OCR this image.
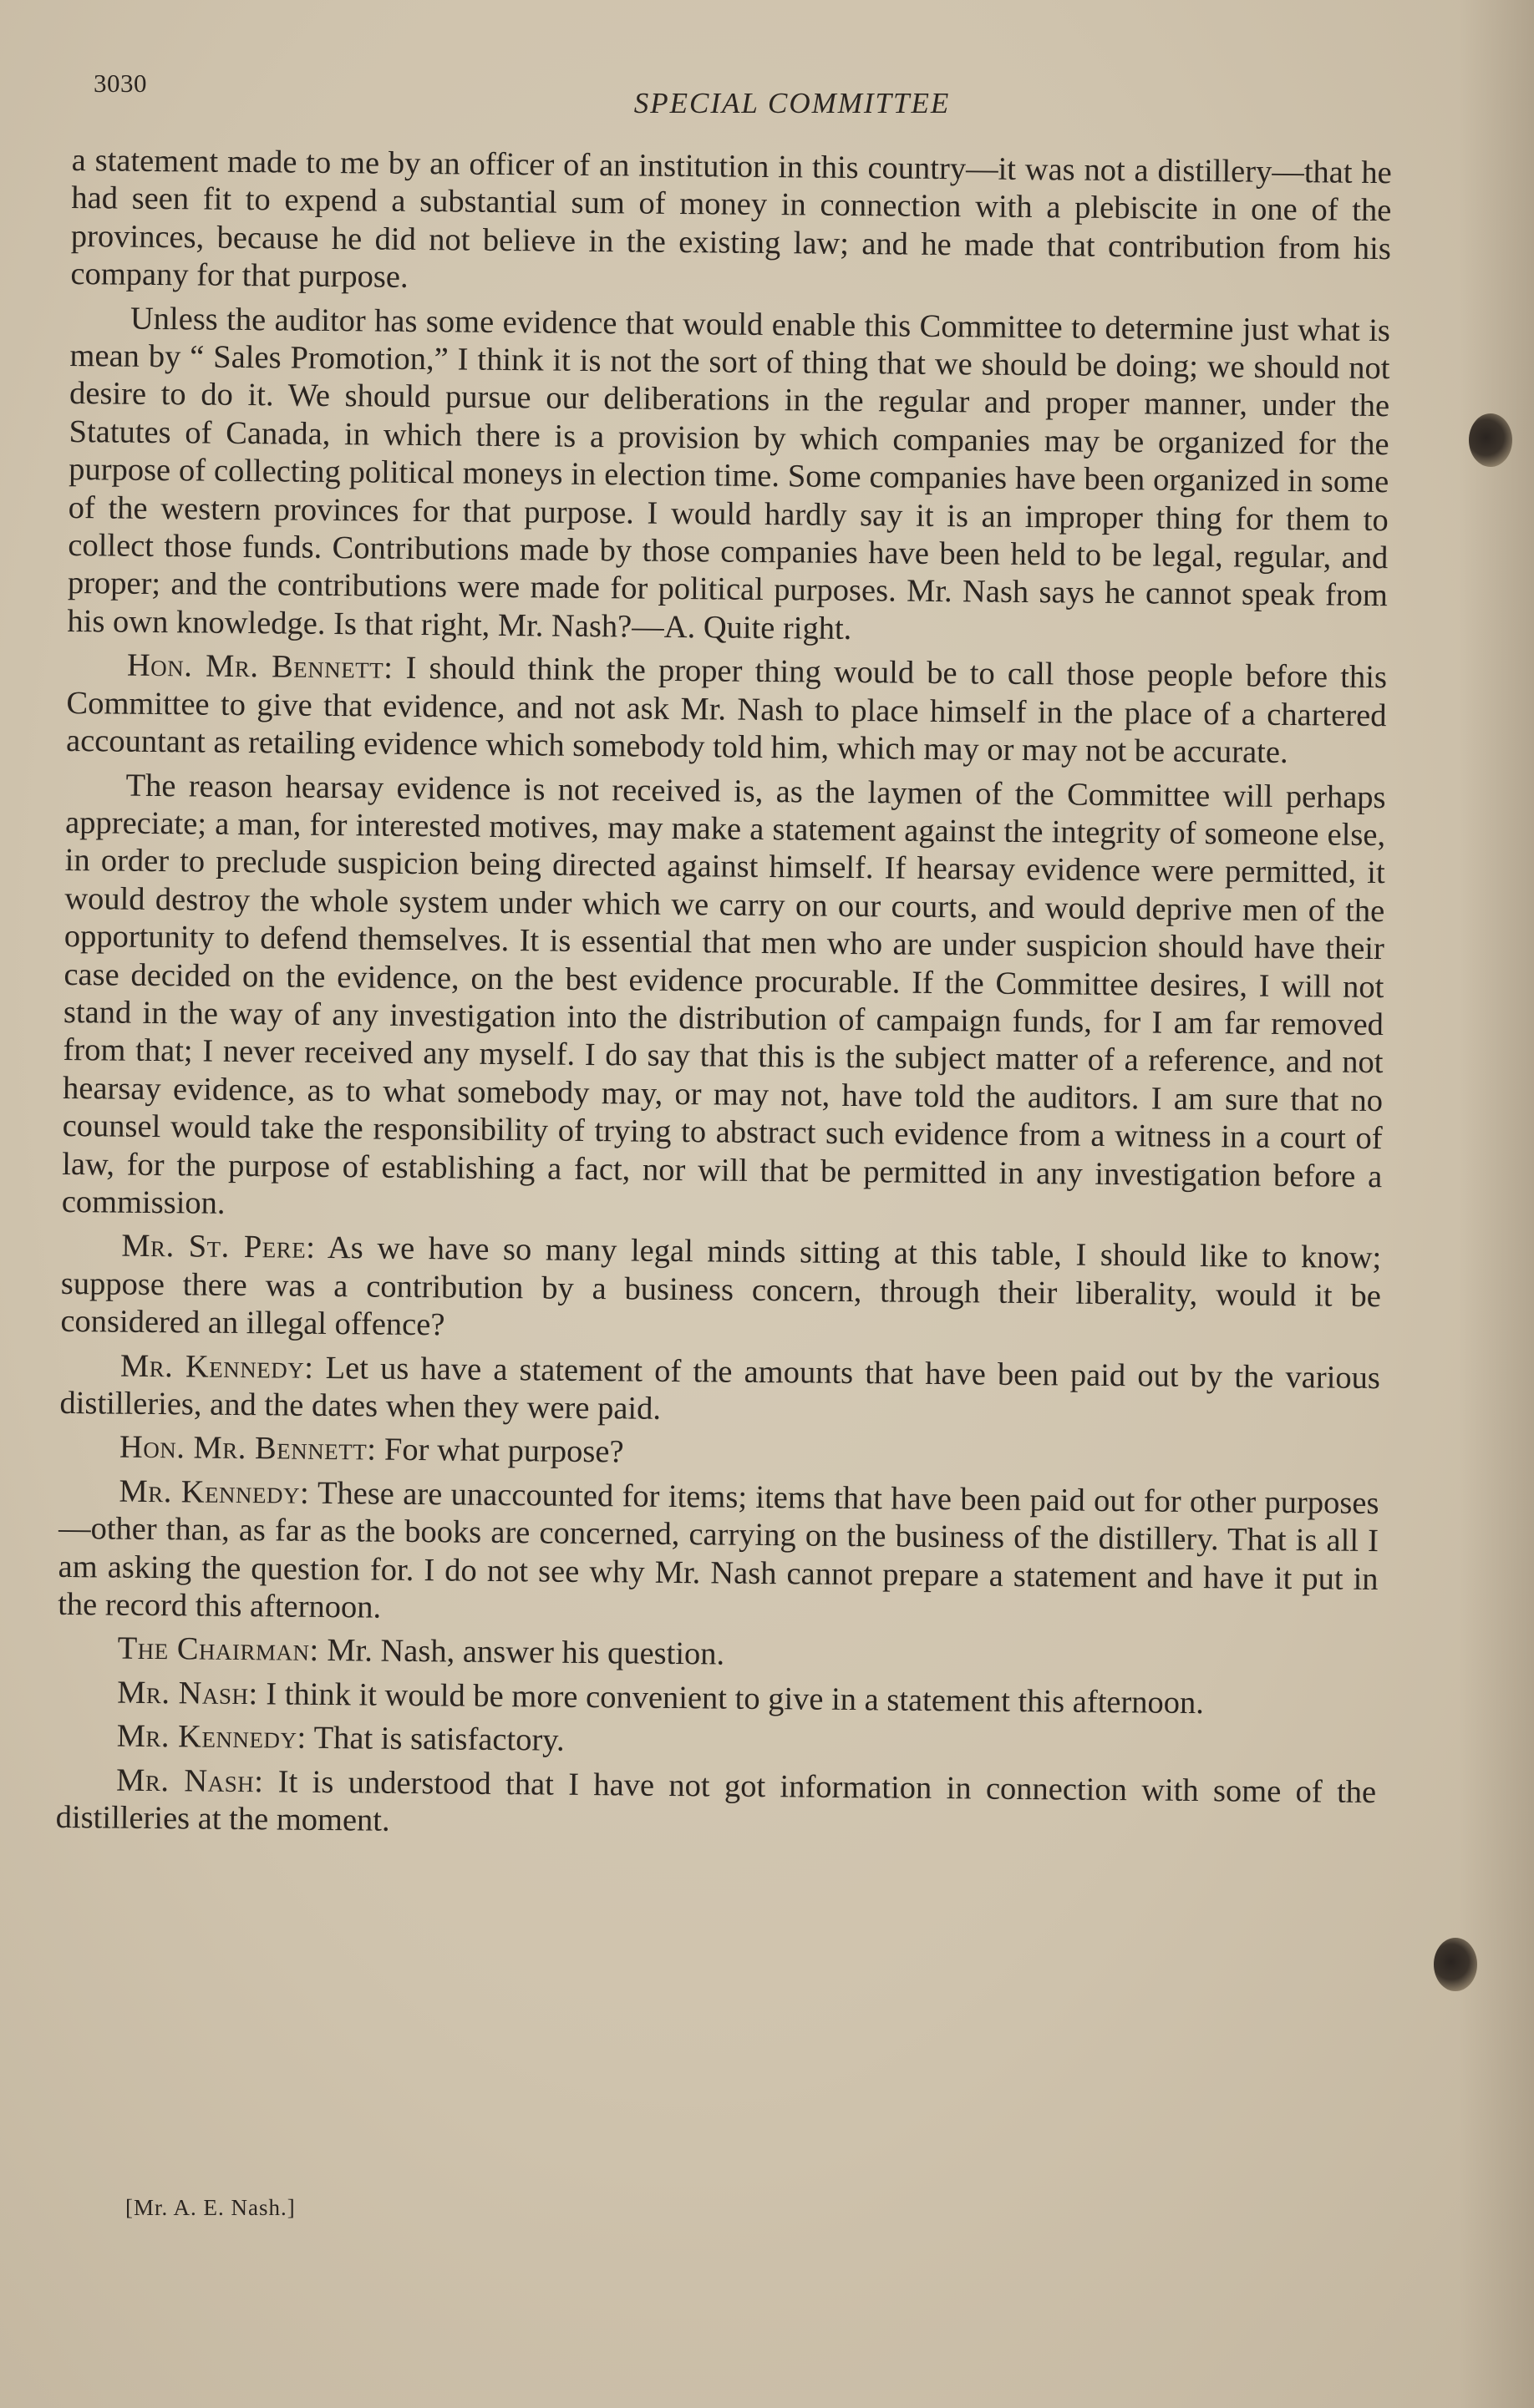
3030
SPECIAL COMMITTEE

a statement made to me by an officer of an institution in this country—it was not a distillery—that he had seen fit to expend a substantial sum of money in connection with a plebiscite in one of the provinces, because he did not believe in the existing law; and he made that contribution from his company for that purpose.

Unless the auditor has some evidence that would enable this Committee to determine just what is mean by “ Sales Promotion,” I think it is not the sort of thing that we should be doing; we should not desire to do it. We should pursue our deliberations in the regular and proper manner, under the Statutes of Canada, in which there is a provision by which companies may be organized for the purpose of collecting political moneys in election time. Some companies have been organized in some of the western provinces for that purpose. I would hardly say it is an improper thing for them to collect those funds. Contributions made by those companies have been held to be legal, regular, and proper; and the contributions were made for political purposes. Mr. Nash says he cannot speak from his own knowledge. Is that right, Mr. Nash?—A. Quite right.

Hon. Mr. Bennett: I should think the proper thing would be to call those people before this Committee to give that evidence, and not ask Mr. Nash to place himself in the place of a chartered accountant as retailing evidence which somebody told him, which may or may not be accurate.

The reason hearsay evidence is not received is, as the laymen of the Committee will perhaps appreciate; a man, for interested motives, may make a statement against the integrity of someone else, in order to preclude suspicion being directed against himself. If hearsay evidence were permitted, it would destroy the whole system under which we carry on our courts, and would deprive men of the opportunity to defend themselves. It is essential that men who are under suspicion should have their case decided on the evidence, on the best evidence procurable. If the Committee desires, I will not stand in the way of any investigation into the distribution of campaign funds, for I am far removed from that; I never received any myself. I do say that this is the subject matter of a reference, and not hearsay evidence, as to what somebody may, or may not, have told the auditors. I am sure that no counsel would take the responsibility of trying to abstract such evidence from a witness in a court of law, for the purpose of establishing a fact, nor will that be permitted in any investigation before a commission.

Mr. St. Pere: As we have so many legal minds sitting at this table, I should like to know; suppose there was a contribution by a business concern, through their liberality, would it be considered an illegal offence?

Mr. Kennedy: Let us have a statement of the amounts that have been paid out by the various distilleries, and the dates when they were paid.

Hon. Mr. Bennett: For what purpose?

Mr. Kennedy: These are unaccounted for items; items that have been paid out for other purposes—other than, as far as the books are concerned, carrying on the business of the distillery. That is all I am asking the question for. I do not see why Mr. Nash cannot prepare a statement and have it put in the record this afternoon.

The Chairman: Mr. Nash, answer his question.

Mr. Nash: I think it would be more convenient to give in a statement this afternoon.

Mr. Kennedy: That is satisfactory.

Mr. Nash: It is understood that I have not got information in connection with some of the distilleries at the moment.

[Mr. A. E. Nash.]
